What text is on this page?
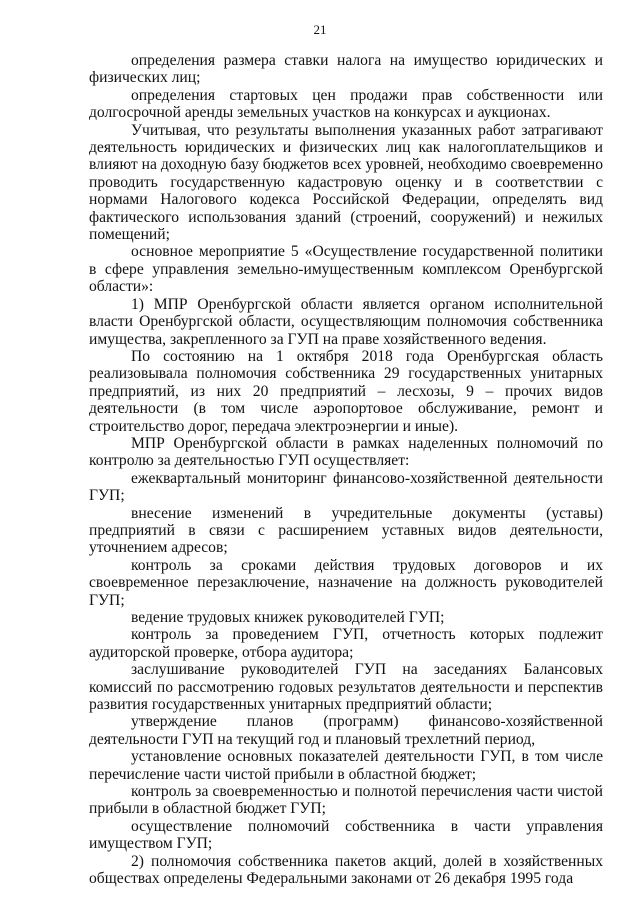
21

определения размера ставки налога на имущество юридических и физических лиц;

определения стартовых цен продажи прав собственности или долгосрочной аренды земельных участков на конкурсах и аукционах.

Учитывая, что результаты выполнения указанных работ затрагивают деятельность юридических и физических лиц как налогоплательщиков и влияют на доходную базу бюджетов всех уровней, необходимо своевременно проводить государственную кадастровую оценку и в соответствии с нормами Налогового кодекса Российской Федерации, определять вид фактического использования зданий (строений, сооружений) и нежилых помещений;

основное мероприятие 5 «Осуществление государственной политики в сфере управления земельно-имущественным комплексом Оренбургской области»:

1) МПР Оренбургской области является органом исполнительной власти Оренбургской области, осуществляющим полномочия собственника имущества, закрепленного за ГУП на праве хозяйственного ведения.

По состоянию на 1 октября 2018 года Оренбургская область реализовывала полномочия собственника 29 государственных унитарных предприятий, из них 20 предприятий – лесхозы, 9 – прочих видов деятельности (в том числе аэропортовое обслуживание, ремонт и строительство дорог, передача электроэнергии и иные).

МПР Оренбургской области в рамках наделенных полномочий по контролю за деятельностью ГУП осуществляет:

ежеквартальный мониторинг финансово-хозяйственной деятельности ГУП;

внесение изменений в учредительные документы (уставы) предприятий в связи с расширением уставных видов деятельности, уточнением адресов;

контроль за сроками действия трудовых договоров и их своевременное перезаключение, назначение на должность руководителей ГУП;

ведение трудовых книжек руководителей ГУП;

контроль за проведением ГУП, отчетность которых подлежит аудиторской проверке, отбора аудитора;

заслушивание руководителей ГУП на заседаниях Балансовых комиссий по рассмотрению годовых результатов деятельности и перспектив развития государственных унитарных предприятий области;

утверждение планов (программ) финансово-хозяйственной деятельности ГУП на текущий год и плановый трехлетний период,

установление основных показателей деятельности ГУП, в том числе перечисление части чистой прибыли в областной бюджет;

контроль за своевременностью и полнотой перечисления части чистой прибыли в областной бюджет ГУП;

осуществление полномочий собственника в части управления имуществом ГУП;

2) полномочия собственника пакетов акций, долей в хозяйственных обществах определены Федеральными законами от 26 декабря 1995 года
